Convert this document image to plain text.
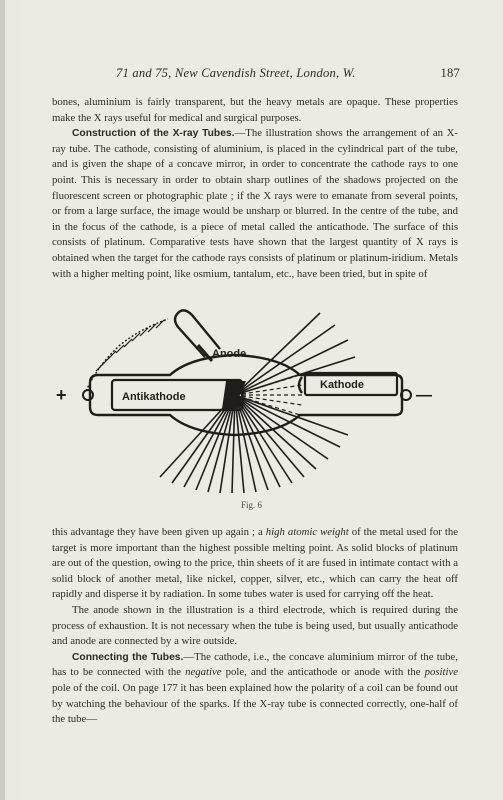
71 and 75, New Cavendish Street, London, W.	187

bones, aluminium is fairly transparent, but the heavy metals are opaque. These properties make the X rays useful for medical and surgical purposes.

Construction of the X-ray Tubes.—The illustration shows the arrangement of an X-ray tube. The cathode, consisting of aluminium, is placed in the cylindrical part of the tube, and is given the shape of a concave mirror, in order to concentrate the cathode rays to one point. This is necessary in order to obtain sharp outlines of the shadows projected on the fluorescent screen or photographic plate ; if the X rays were to emanate from several points, or from a large surface, the image would be unsharp or blurred. In the centre of the tube, and in the focus of the cathode, is a piece of metal called the anticathode. The surface of this consists of platinum. Comparative tests have shown that the largest quantity of X rays is obtained when the target for the cathode rays consists of platinum or platinum-iridium. Metals with a higher melting point, like osmium, tantalum, etc., have been tried, but in spite of

Anode
Antikathode
Kathode
+	—
Fig. 6

this advantage they have been given up again ; a high atomic weight of the metal used for the target is more important than the highest possible melting point. As solid blocks of platinum are out of the question, owing to the price, thin sheets of it are fused in intimate contact with a solid block of another metal, like nickel, copper, silver, etc., which can carry the heat off rapidly and disperse it by radiation. In some tubes water is used for carrying off the heat.

The anode shown in the illustration is a third electrode, which is required during the process of exhaustion. It is not necessary when the tube is being used, but usually anticathode and anode are connected by a wire outside.

Connecting the Tubes.—The cathode, i.e., the concave aluminium mirror of the tube, has to be connected with the negative pole, and the anticathode or anode with the positive pole of the coil. On page 177 it has been explained how the polarity of a coil can be found out by watching the behaviour of the sparks. If the X-ray tube is connected correctly, one-half of the tube—
